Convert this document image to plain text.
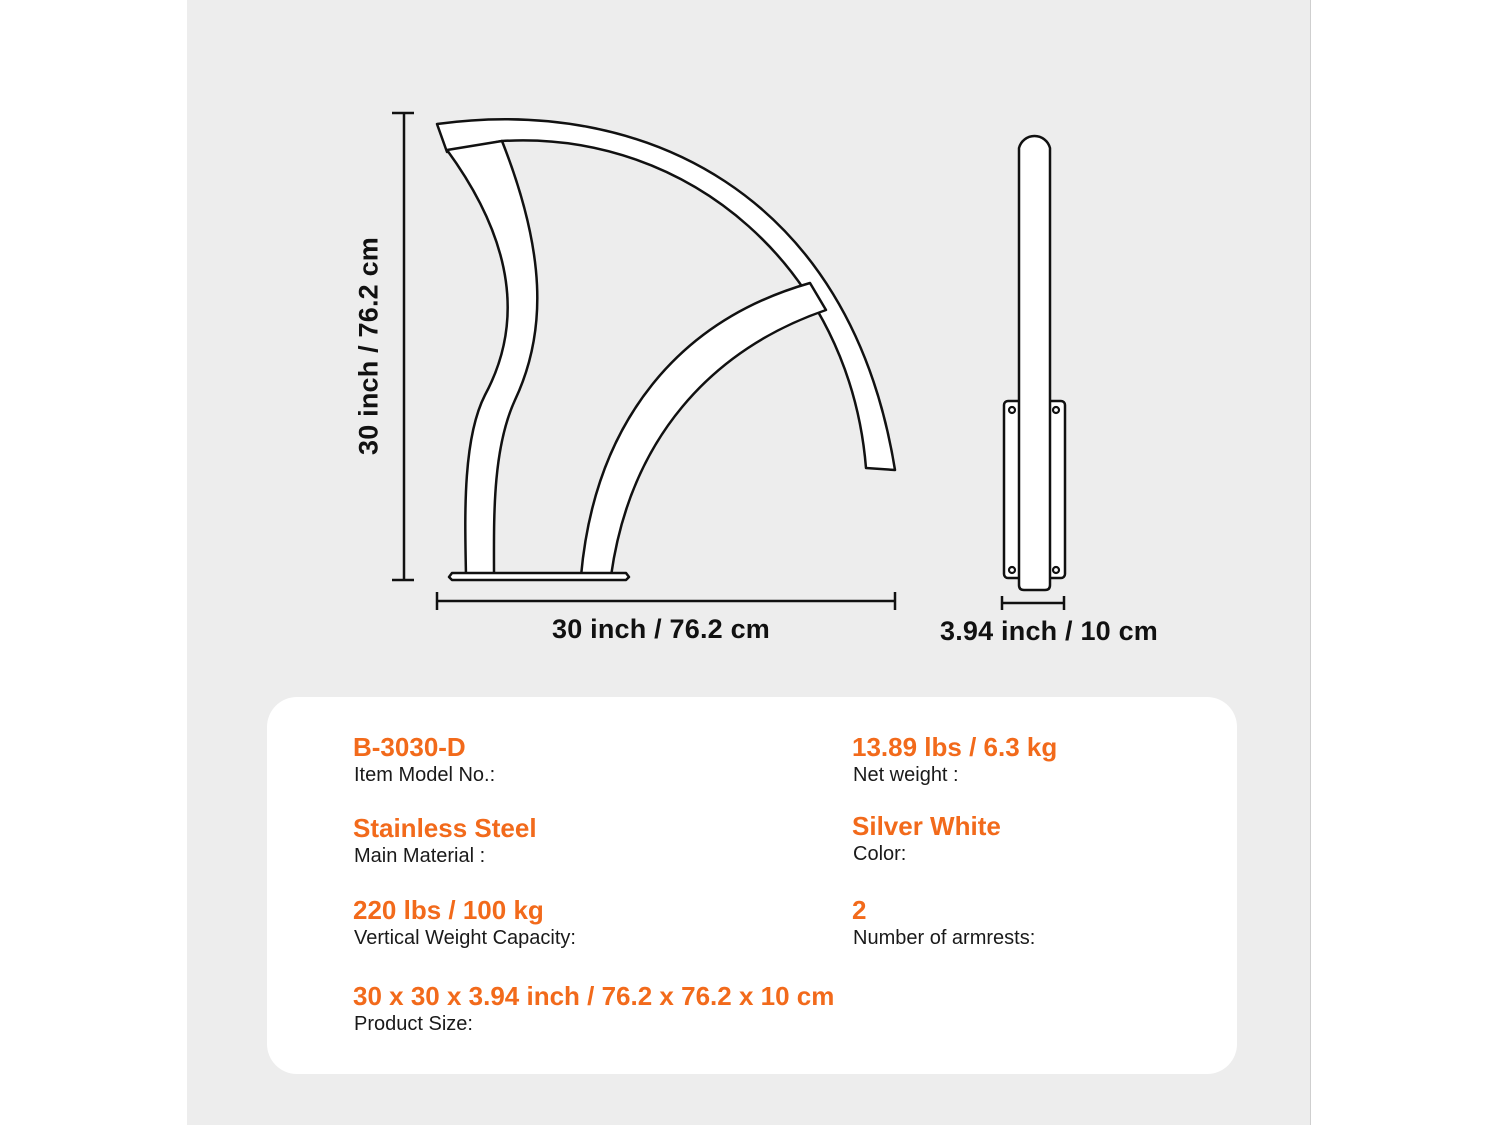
30 inch / 76.2 cm
30 inch / 76.2 cm	3.94 inch / 10 cm
B-3030-D
Item Model No.:
13.89 lbs / 6.3 kg
Net weight :
Stainless Steel
Main Material :
Silver White
Color:
220 lbs / 100 kg
Vertical Weight Capacity:
2
Number of armrests:
30 x 30 x 3.94 inch / 76.2 x 76.2 x 10 cm
Product Size:
